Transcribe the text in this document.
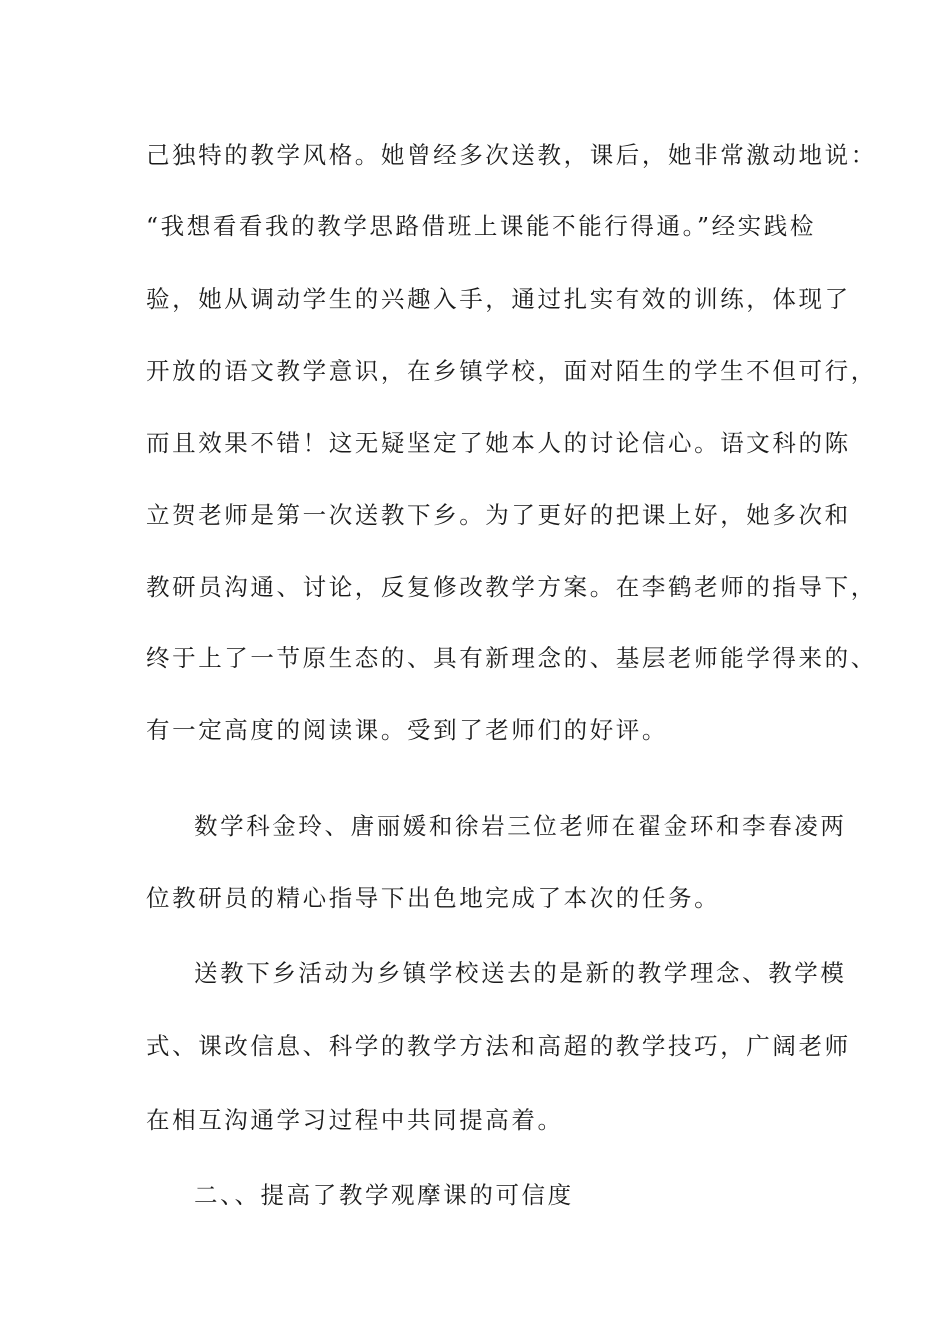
己独特的教学风格。她曾经多次送教，课后，她非常激动地说：
“我想看看我的教学思路借班上课能不能行得通。”经实践检
验，她从调动学生的兴趣入手，通过扎实有效的训练，体现了
开放的语文教学意识，在乡镇学校，面对陌生的学生不但可行，
而且效果不错！这无疑坚定了她本人的讨论信心。语文科的陈
立贺老师是第一次送教下乡。为了更好的把课上好，她多次和
教研员沟通、讨论，反复修改教学方案。在李鹤老师的指导下，
终于上了一节原生态的、具有新理念的、基层老师能学得来的、
有一定高度的阅读课。受到了老师们的好评。
数学科金玲、唐丽媛和徐岩三位老师在翟金环和李春凌两
位教研员的精心指导下出色地完成了本次的任务。
送教下乡活动为乡镇学校送去的是新的教学理念、教学模
式、课改信息、科学的教学方法和高超的教学技巧，广阔老师
在相互沟通学习过程中共同提高着。
二、、提高了教学观摩课的可信度
